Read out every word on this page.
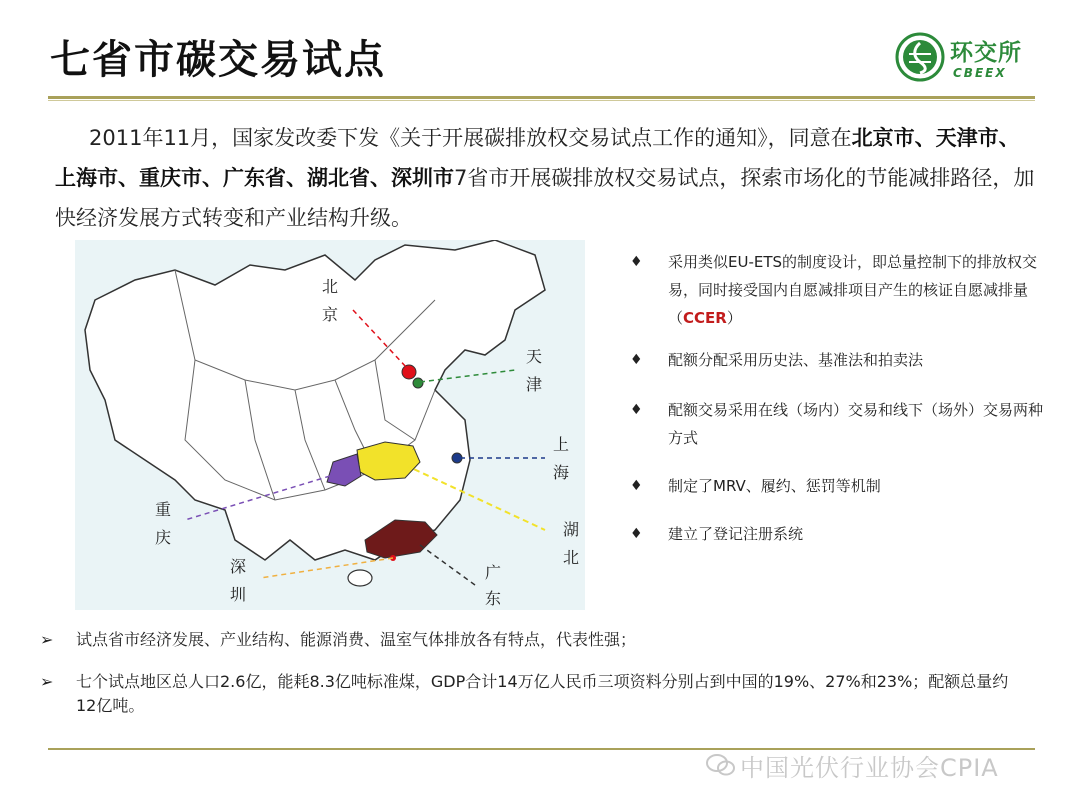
七省市碳交易试点	环交所
CBEEX

2011年11月，国家发改委下发《关于开展碳排放权交易试点工作的通知》，同意在北京市、天津市、上海市、重庆市、广东省、湖北省、深圳市7省市开展碳排放权交易试点，探索市场化的节能减排路径，加快经济发展方式转变和产业结构升级。

北
京
天
津
上
海
重
庆	湖
北
深
圳
广
东
♦ 采用类似EU-ETS的制度设计，即总量控制下的排放权交易，同时接受国内自愿减排项目产生的核证自愿减排量（CCER）
♦ 配额分配采用历史法、基准法和拍卖法
♦ 配额交易采用在线（场内）交易和线下（场外）交易两种方式
♦ 制定了MRV、履约、惩罚等机制
♦ 建立了登记注册系统
➢ 试点省市经济发展、产业结构、能源消费、温室气体排放各有特点，代表性强；
➢ 七个试点地区总人口2.6亿，能耗8.3亿吨标准煤，GDP合计14万亿人民币三项资料分别占到中国的19%、27%和23%；配额总量约12亿吨。
中国光伏行业协会CPIA
